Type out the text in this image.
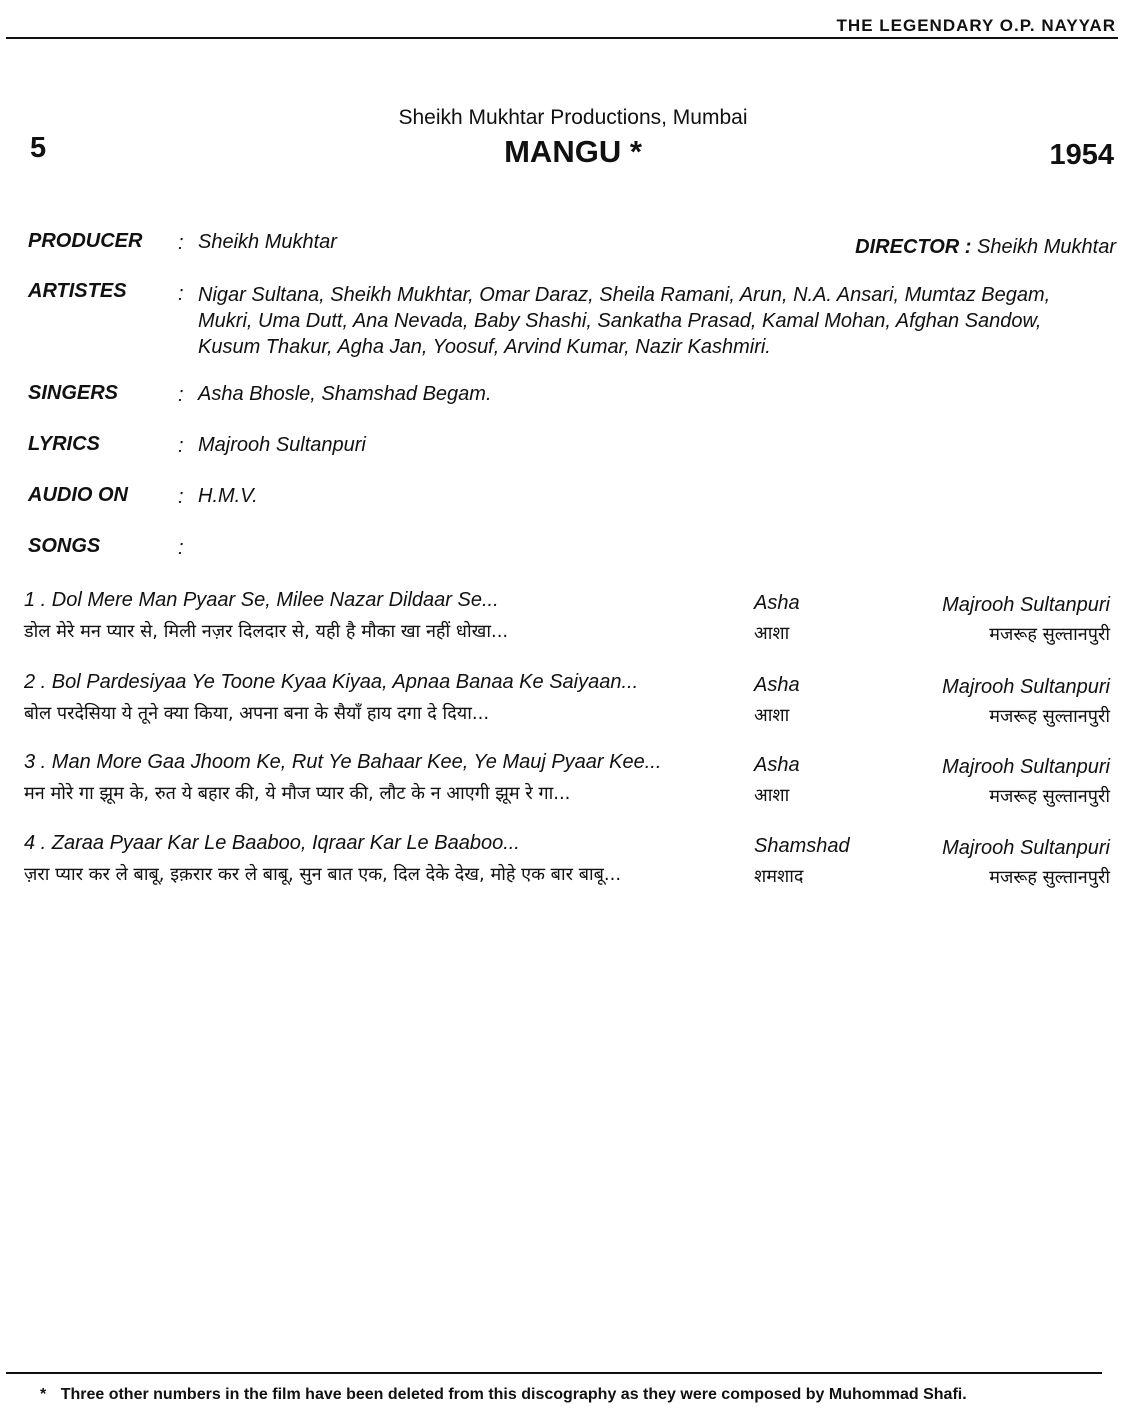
THE LEGENDARY O.P. NAYYAR
Sheikh Mukhtar Productions, Mumbai
5	MANGU *	1954
PRODUCER : Sheikh Mukhtar	DIRECTOR : Sheikh Mukhtar
ARTISTES	: Nigar Sultana, Sheikh Mukhtar, Omar Daraz, Sheila Ramani, Arun, N.A. Ansari, Mumtaz Begam,
Mukri, Uma Dutt, Ana Nevada, Baby Shashi, Sankatha Prasad, Kamal Mohan, Afghan Sandow,
Kusum Thakur, Agha Jan, Yoosuf, Arvind Kumar, Nazir Kashmiri.
SINGERS	: Asha Bhosle, Shamshad Begam.
LYRICS	: Majrooh Sultanpuri
AUDIO ON	: H.M.V.
SONGS	:
1 . Dol Mere Man Pyaar Se, Milee Nazar Dildaar Se...	Asha	Majrooh Sultanpuri
डोल मेरे मन प्यार से, मिली नज़र दिलदार से, यही है मौका खा नहीं धोखा...	आशा	मजरूह सुल्तानपुरी
2 . Bol Pardesiyaa Ye Toone Kyaa Kiyaa, Apnaa Banaa Ke Saiyaan...	Asha	Majrooh Sultanpuri
बोल परदेसिया ये तूने क्या किया, अपना बना के सैयाँ हाय दगा दे दिया...	आशा	मजरूह सुल्तानपुरी
3 . Man More Gaa Jhoom Ke, Rut Ye Bahaar Kee, Ye Mauj Pyaar Kee...	Asha	Majrooh Sultanpuri
मन मोरे गा झूम के, रुत ये बहार की, ये मौज प्यार की, लौट के न आएगी झूम रे गा...	आशा	मजरूह सुल्तानपुरी
4 . Zaraa Pyaar Kar Le Baaboo, Iqraar Kar Le Baaboo...	Shamshad	Majrooh Sultanpuri
ज़रा प्यार कर ले बाबू, इक़रार कर ले बाबू, सुन बात एक, दिल देके देख, मोहे एक बार बाबू...	शमशाद	मजरूह सुल्तानपुरी
* Three other numbers in the film have been deleted from this discography as they were composed by Muhommad Shafi.
